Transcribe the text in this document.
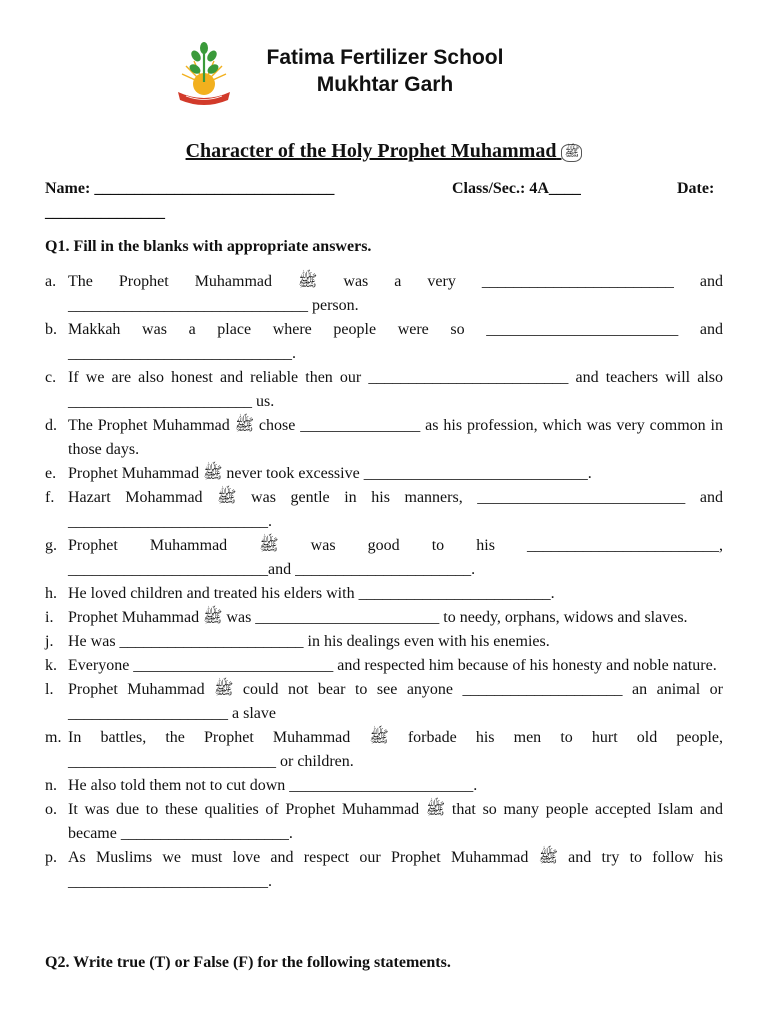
Fatima Fertilizer School
Mukhtar Garh
Character of the Holy Prophet Muhammad ﷺ
Name: ______________________________	Class/Sec.: 4A____	Date:
_______________
Q1. Fill in the blanks with appropriate answers.
a. The Prophet Muhammad ﷺ was a very ________________________ and ______________________________ person.
b. Makkah was a place where people were so ________________________ and ____________________________.
c. If we are also honest and reliable then our _________________________ and teachers will also _______________________ us.
d. The Prophet Muhammad ﷺ chose _______________ as his profession, which was very common in those days.
e. Prophet Muhammad ﷺ never took excessive ____________________________.
f. Hazart Mohammad ﷺ was gentle in his manners, __________________________ and _________________________.
g. Prophet Muhammad ﷺ was good to his ________________________, _________________________and ______________________.
h. He loved children and treated his elders with ________________________.
i. Prophet Muhammad ﷺ was _______________________ to needy, orphans, widows and slaves.
j. He was _______________________ in his dealings even with his enemies.
k. Everyone _________________________ and respected him because of his honesty and noble nature.
l. Prophet Muhammad ﷺ could not bear to see anyone ____________________ an animal or ____________________ a slave
m. In battles, the Prophet Muhammad ﷺ forbade his men to hurt old people, __________________________ or children.
n. He also told them not to cut down _______________________.
o. It was due to these qualities of Prophet Muhammad ﷺ that so many people accepted Islam and became _____________________.
p. As Muslims we must love and respect our Prophet Muhammad ﷺ and try to follow his _________________________.
Q2. Write true (T) or False (F) for the following statements.
